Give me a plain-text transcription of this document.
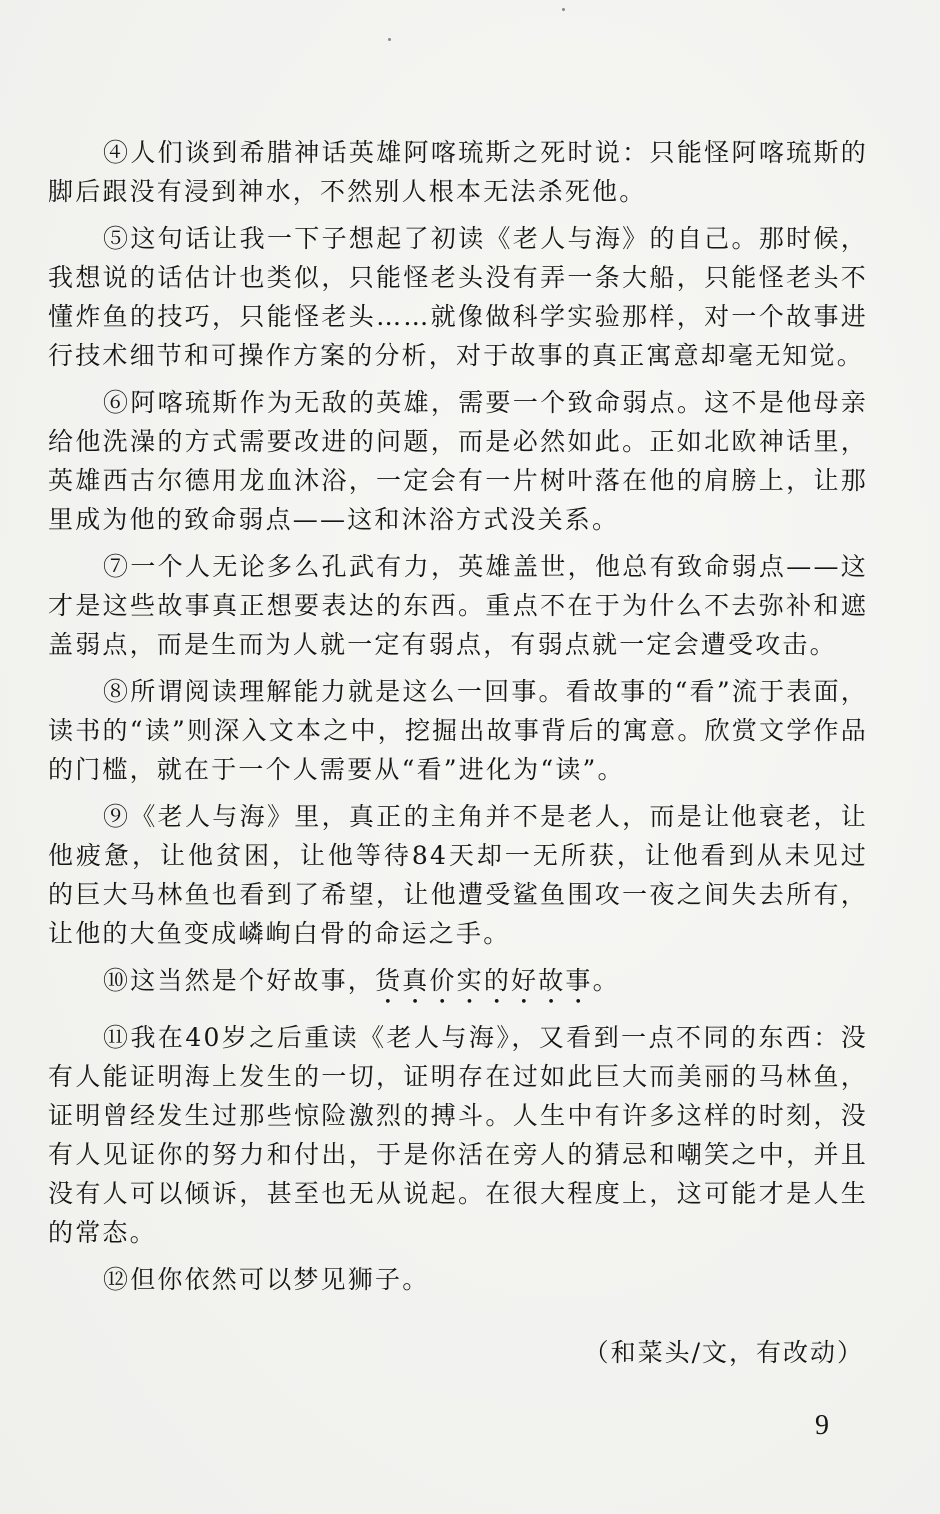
④人们谈到希腊神话英雄阿喀琉斯之死时说：只能怪阿喀琉斯的脚后跟没有浸到神水，不然别人根本无法杀死他。

⑤这句话让我一下子想起了初读《老人与海》的自己。那时候，我想说的话估计也类似，只能怪老头没有弄一条大船，只能怪老头不懂炸鱼的技巧，只能怪老头……就像做科学实验那样，对一个故事进行技术细节和可操作方案的分析，对于故事的真正寓意却毫无知觉。

⑥阿喀琉斯作为无敌的英雄，需要一个致命弱点。这不是他母亲给他洗澡的方式需要改进的问题，而是必然如此。正如北欧神话里，英雄西古尔德用龙血沐浴，一定会有一片树叶落在他的肩膀上，让那里成为他的致命弱点——这和沐浴方式没关系。

⑦一个人无论多么孔武有力，英雄盖世，他总有致命弱点——这才是这些故事真正想要表达的东西。重点不在于为什么不去弥补和遮盖弱点，而是生而为人就一定有弱点，有弱点就一定会遭受攻击。

⑧所谓阅读理解能力就是这么一回事。看故事的“看”流于表面，读书的“读”则深入文本之中，挖掘出故事背后的寓意。欣赏文学作品的门槛，就在于一个人需要从“看”进化为“读”。

⑨《老人与海》里，真正的主角并不是老人，而是让他衰老，让他疲惫，让他贫困，让他等待84天却一无所获，让他看到从未见过的巨大马林鱼也看到了希望，让他遭受鲨鱼围攻一夜之间失去所有，让他的大鱼变成嶙峋白骨的命运之手。

⑩这当然是个好故事，货真价实的好故事。

⑪我在40岁之后重读《老人与海》，又看到一点不同的东西：没有人能证明海上发生的一切，证明存在过如此巨大而美丽的马林鱼，证明曾经发生过那些惊险激烈的搏斗。人生中有许多这样的时刻，没有人见证你的努力和付出，于是你活在旁人的猜忌和嘲笑之中，并且没有人可以倾诉，甚至也无从说起。在很大程度上，这可能才是人生的常态。

⑫但你依然可以梦见狮子。

（和菜头/文，有改动）
9
